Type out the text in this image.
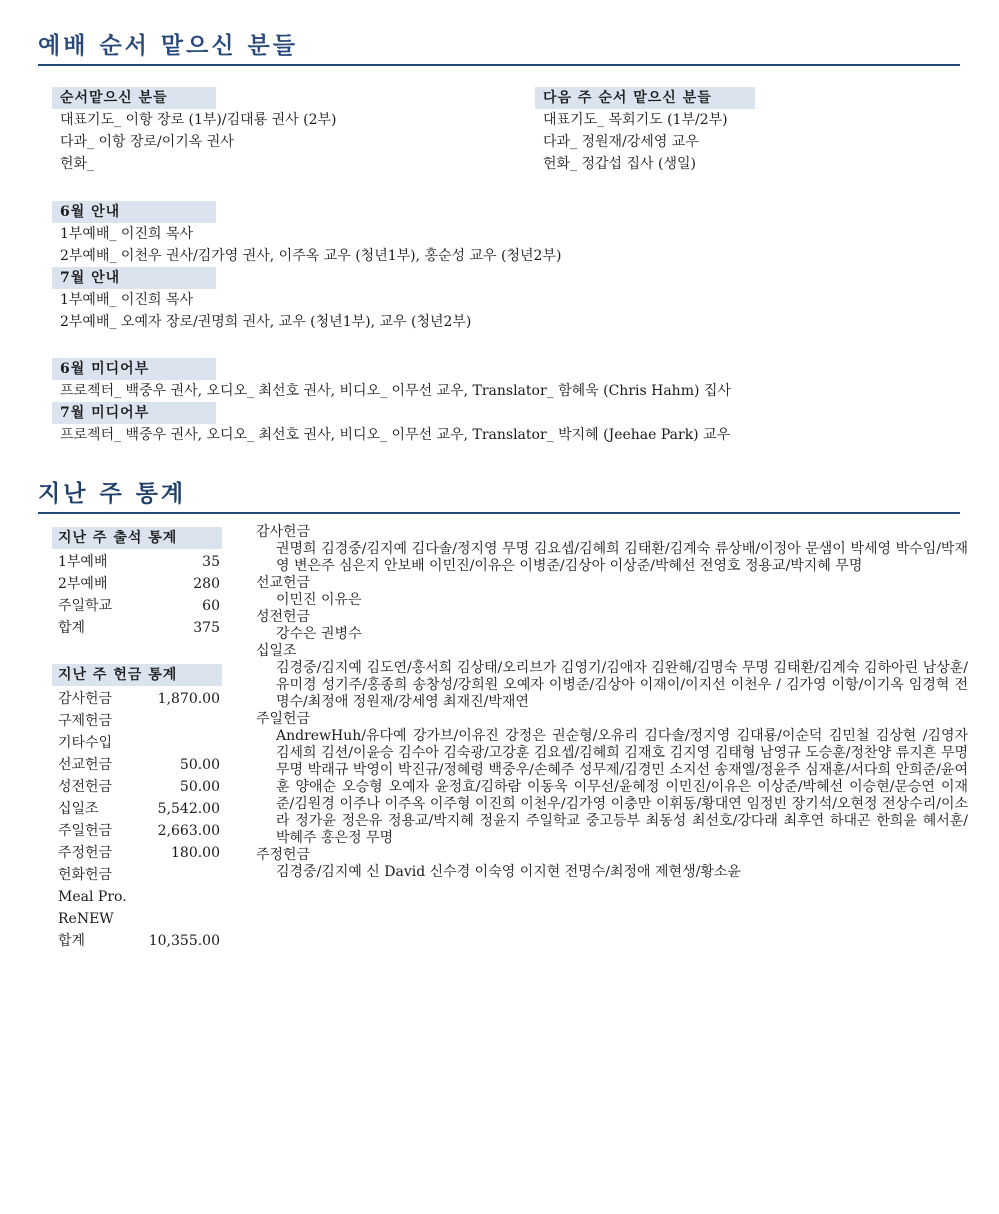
예배 순서 맡으신 분들
순서맡으신 분들
대표기도_ 이항 장로 (1부)/김대룡 권사 (2부)
다과_ 이항 장로/이기옥 권사
헌화_
다음 주 순서 맡으신 분들
대표기도_ 목회기도 (1부/2부)
다과_ 정원재/강세영 교우
헌화_ 정갑섭 집사 (생일)
6월 안내
1부예배_ 이진희 목사
2부예배_ 이천우 권사/김가영 권사, 이주옥 교우 (청년1부), 홍순성 교우 (청년2부)
7월 안내
1부예배_ 이진희 목사
2부예배_ 오예자 장로/권명희 권사, 교우 (청년1부), 교우 (청년2부)
6월 미디어부
프로젝터_ 백중우 권사, 오디오_ 최선호 권사, 비디오_ 이무선 교우, Translator_ 함혜욱 (Chris Hahm) 집사
7월 미디어부
프로젝터_ 백중우 권사, 오디오_ 최선호 권사, 비디오_ 이무선 교우, Translator_ 박지혜 (Jeehae Park) 교우
지난 주 통계
지난 주 출석 통계
1부예배	35
2부예배	280
주일학교	60
합계	375
지난 주 헌금 통계
감사헌금	1,870.00
구제헌금
기타수입
선교헌금	50.00
성전헌금	50.00
십일조	5,542.00
주일헌금	2,663.00
주정헌금	180.00
헌화헌금
Meal Pro.
ReNEW
합계	10,355.00
감사헌금
권명희 김경중/김지예 김다솔/정지영 무명 김요셉/김혜희 김태환/김계숙 류상배/이정아 문샘이 박세영 박수임/박재영 변은주 심은지 안보배 이민진/이유은 이병준/김상아 이상준/박혜선 전영호 정용교/박지혜 무명
선교헌금
이민진 이유은
성전헌금
강수은 권병수
십일조
김경중/김지예 김도연/홍서희 김상태/오리브가 김영기/김애자 김완해/김명숙 무명 김태환/김계숙 김하아린 남상훈/유미경 성기주/홍종희 송창성/강희원 오예자 이병준/김상아 이재이/이지선 이천우 / 김가영 이항/이기옥 임경혁 전명수/최정애 정원재/강세영 최재진/박재연
주일헌금
AndrewHuh/유다예 강가브/이유진 강정은 권순형/오유리 김다솔/정지영 김대룡/이순덕 김민철 김상현 /김영자 김세희 김션/이윤승 김수아 김숙광/고강훈 김요셉/김혜희 김재호 김지영 김태형 남영규 도승훈/정찬양 류지흔 무명 무명 박래규 박영이 박진규/정혜령 백중우/손혜주 성무제/김경민 소지선 송재엘/정윤주 심재훈/서다희 안희준/윤여훈 양애순 오승형 오예자 윤정효/김하람 이동욱 이무선/윤혜정 이민진/이유은 이상준/박혜선 이승현/문승연 이재준/김원경 이주나 이주옥 이주형 이진희 이천우/김가영 이충만 이휘동/황대연 임정빈 장기석/오현정 전상수리/이소라 정가윤 정은유 정용교/박지혜 정윤지 주일학교 중고등부 최동성 최선호/강다래 최후연 하대곤 한희윤 혜서훈/ 박혜주 홍은정 무명
주정헌금
김경중/김지예 신 David 신수경 이숙영 이지현 전명수/최정애 제현생/황소윤
